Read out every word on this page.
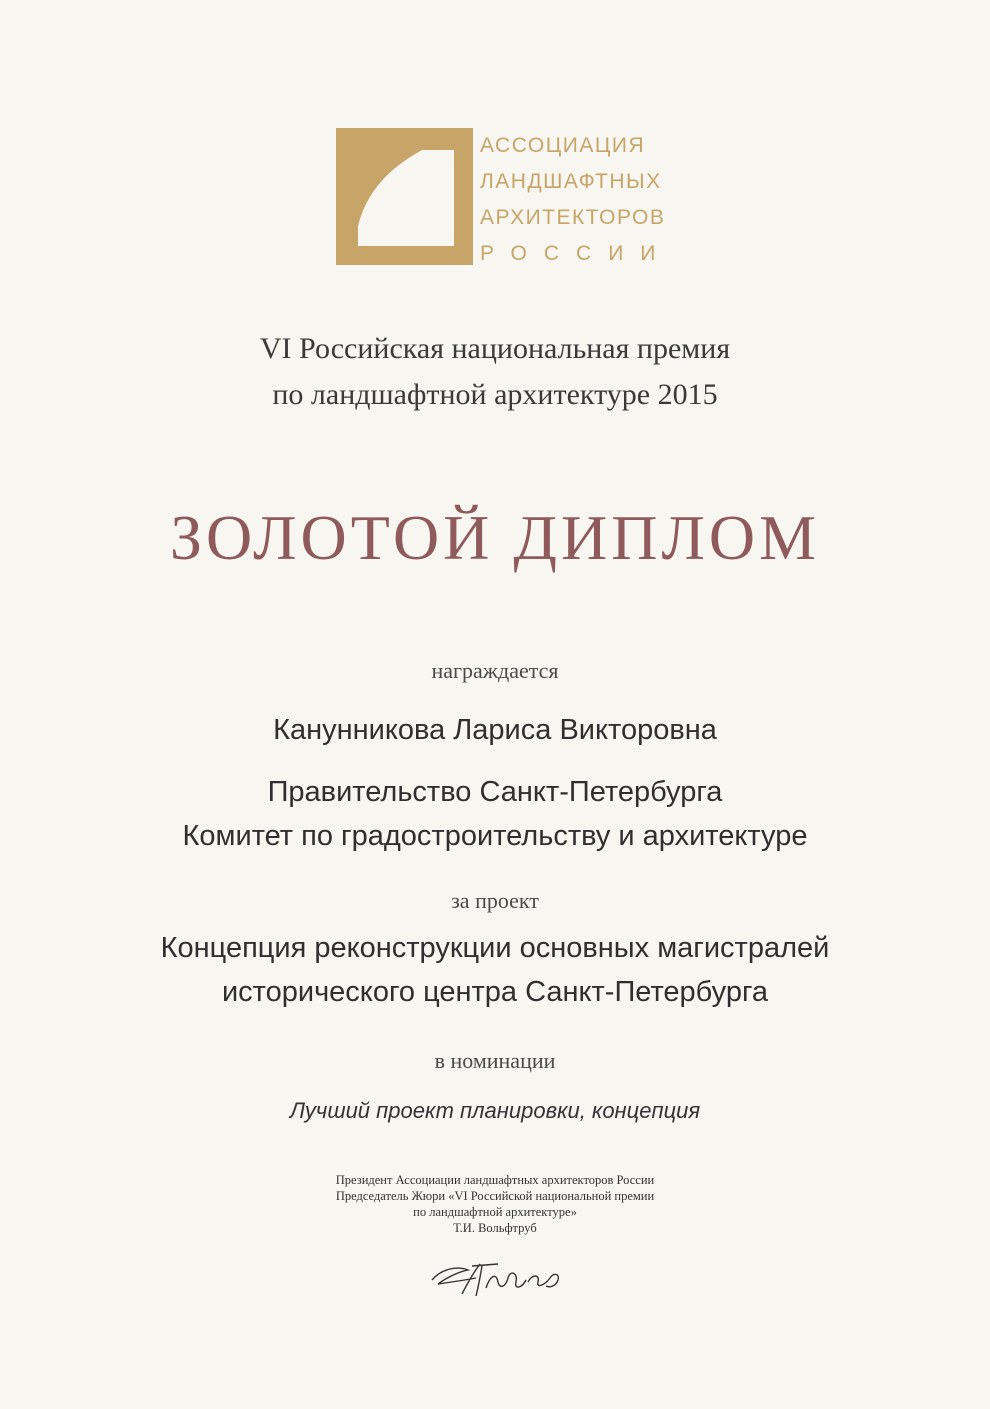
АССОЦИАЦИЯ
ЛАНДШАФТНЫХ
АРХИТЕКТОРОВ
РОССИИ
VI Российская национальная премия
по ландшафтной архитектуре 2015
ЗОЛОТОЙ ДИПЛОМ
награждается
Канунникова Лариса Викторовна
Правительство Санкт-Петербурга
Комитет по градостроительству и архитектуре
за проект
Концепция реконструкции основных магистралей
исторического центра Санкт-Петербурга
в номинации
Лучший проект планировки, концепция
Президент Ассоциации ландшафтных архитекторов России
Председатель Жюри «VI Российской национальной премии
по ландшафтной архитектуре»
Т.И. Вольфтруб
